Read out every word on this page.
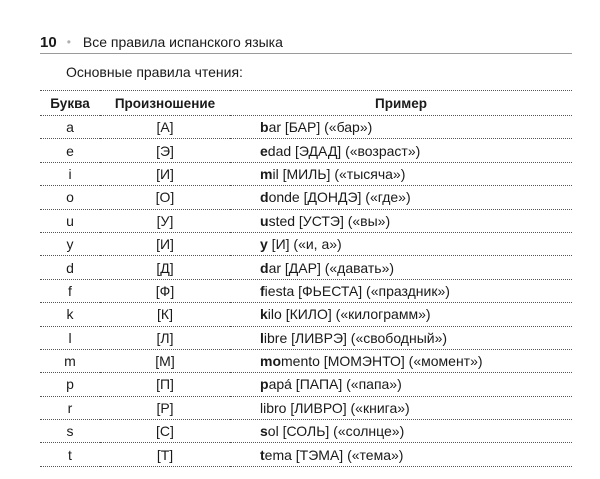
10 • Все правила испанского языка
Основные правила чтения:
Буква	Произношение	Пример
a	[А]	bar [БАР] («бар»)
e	[Э]	edad [ЭДАД] («возраст»)
i	[И]	mil [МИЛЬ] («тысяча»)
o	[О]	donde [ДОНДЭ] («где»)
u	[У]	usted [УСТЭ] («вы»)
y	[И]	y [И] («и, а»)
d	[Д]	dar [ДАР] («давать»)
f	[Ф]	fiesta [ФЬЕСТА] («праздник»)
k	[К]	kilo [КИЛО] («килограмм»)
l	[Л]	libre [ЛИВРЭ] («свободный»)
m	[М]	momento [МОМЭНТО] («момент»)
p	[П]	papá [ПАПА] («папа»)
r	[Р]	libro [ЛИВРО] («книга»)
s	[С]	sol [СОЛЬ] («солнце»)
t	[Т]	tema [ТЭМА] («тема»)
